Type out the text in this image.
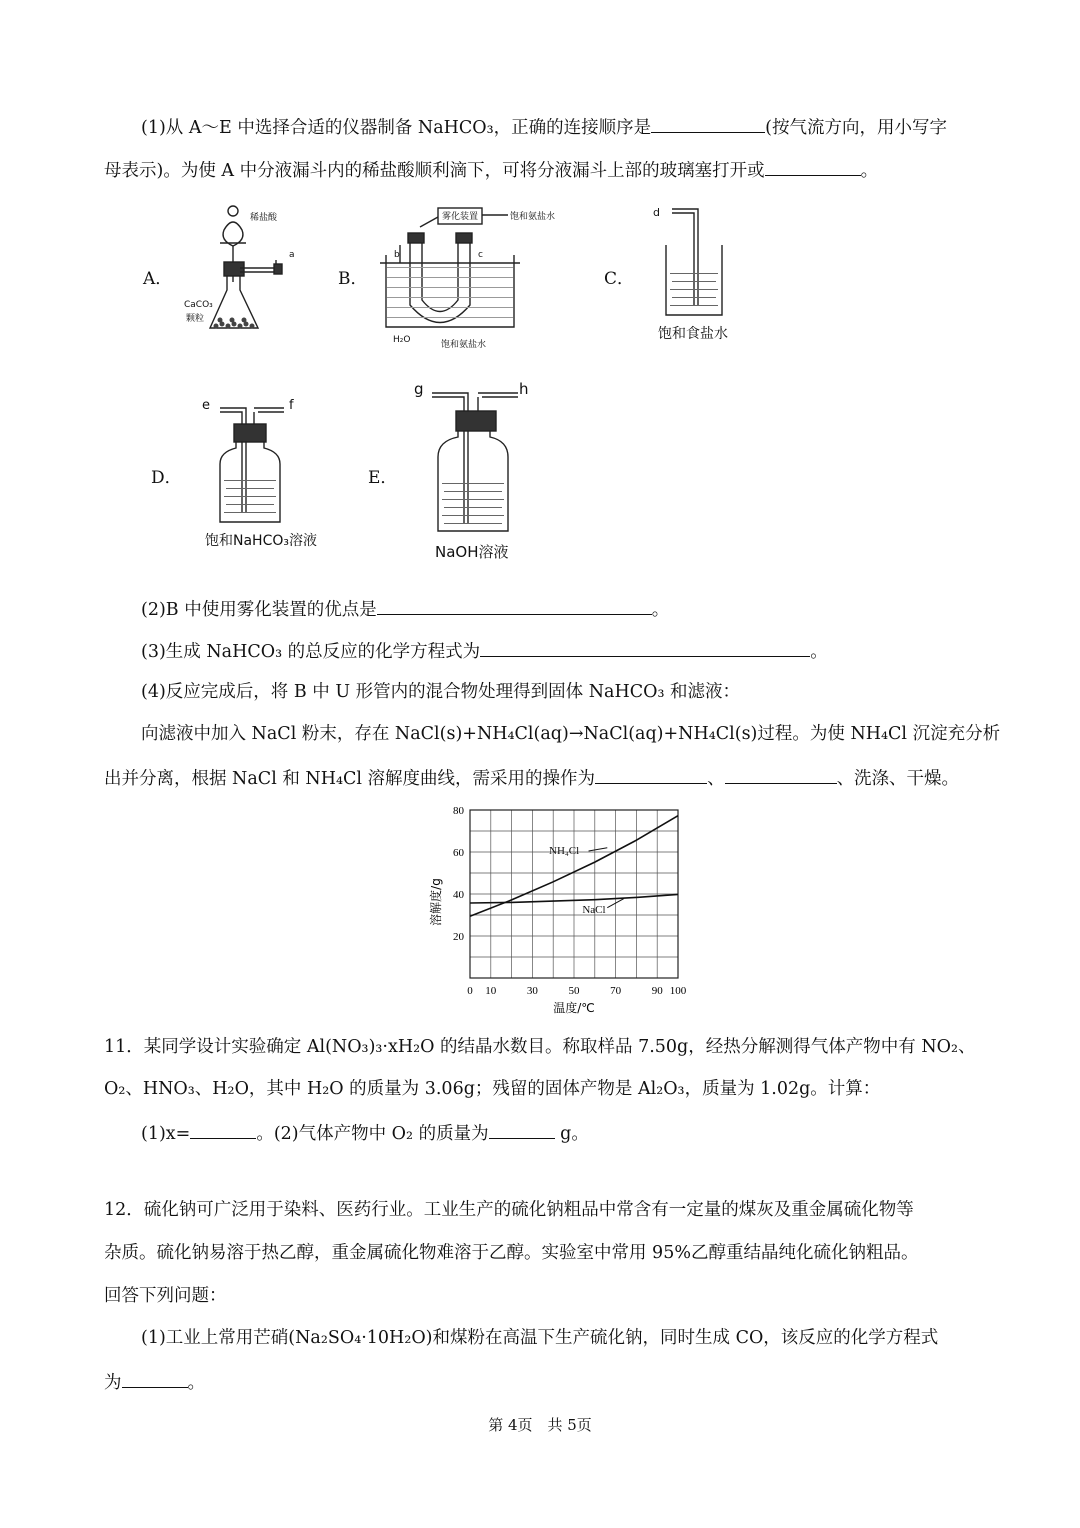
(1)从 A～E 中选择合适的仪器制备 NaHCO₃，正确的连接顺序是	(按气流方向，用小写字
母表示)。为使 A 中分液漏斗内的稀盐酸顺利滴下，可将分液漏斗上部的玻璃塞打开或	。
A．	B．	C．
D．	E．
稀盐酸
CaCO₃
颗粒
a
雾化装置	饱和氨盐水
b	c
H₂O	饱和氨盐水
d
饱和食盐水
e	f
饱和NaHCO₃溶液
g	h
NaOH溶液
(2)B 中使用雾化装置的优点是	。
(3)生成 NaHCO₃ 的总反应的化学方程式为	。
(4)反应完成后，将 B 中 U 形管内的混合物处理得到固体 NaHCO₃ 和滤液：
向滤液中加入 NaCl 粉末，存在 NaCl(s)+NH₄Cl(aq)→NaCl(aq)+NH₄Cl(s)过程。为使 NH₄Cl 沉淀充分析
出并分离，根据 NaCl 和 NH₄Cl 溶解度曲线，需采用的操作为	、	、洗涤、干燥。
0 10	30	50	70	90 100
20
40
60
80
温度/℃
溶解度/g
NH₄Cl
NaCl
11．某同学设计实验确定 Al(NO₃)₃·xH₂O 的结晶水数目。称取样品 7.50g，经热分解测得气体产物中有 NO₂、
O₂、HNO₃、H₂O，其中 H₂O 的质量为 3.06g；残留的固体产物是 Al₂O₃，质量为 1.02g。计算：
(1)x=	。(2)气体产物中 O₂ 的质量为	g。
12．硫化钠可广泛用于染料、医药行业。工业生产的硫化钠粗品中常含有一定量的煤灰及重金属硫化物等
杂质。硫化钠易溶于热乙醇，重金属硫化物难溶于乙醇。实验室中常用 95%乙醇重结晶纯化硫化钠粗品。
回答下列问题：
(1)工业上常用芒硝(Na₂SO₄·10H₂O)和煤粉在高温下生产硫化钠，同时生成 CO，该反应的化学方程式
为	。
第 4页　共 5页
